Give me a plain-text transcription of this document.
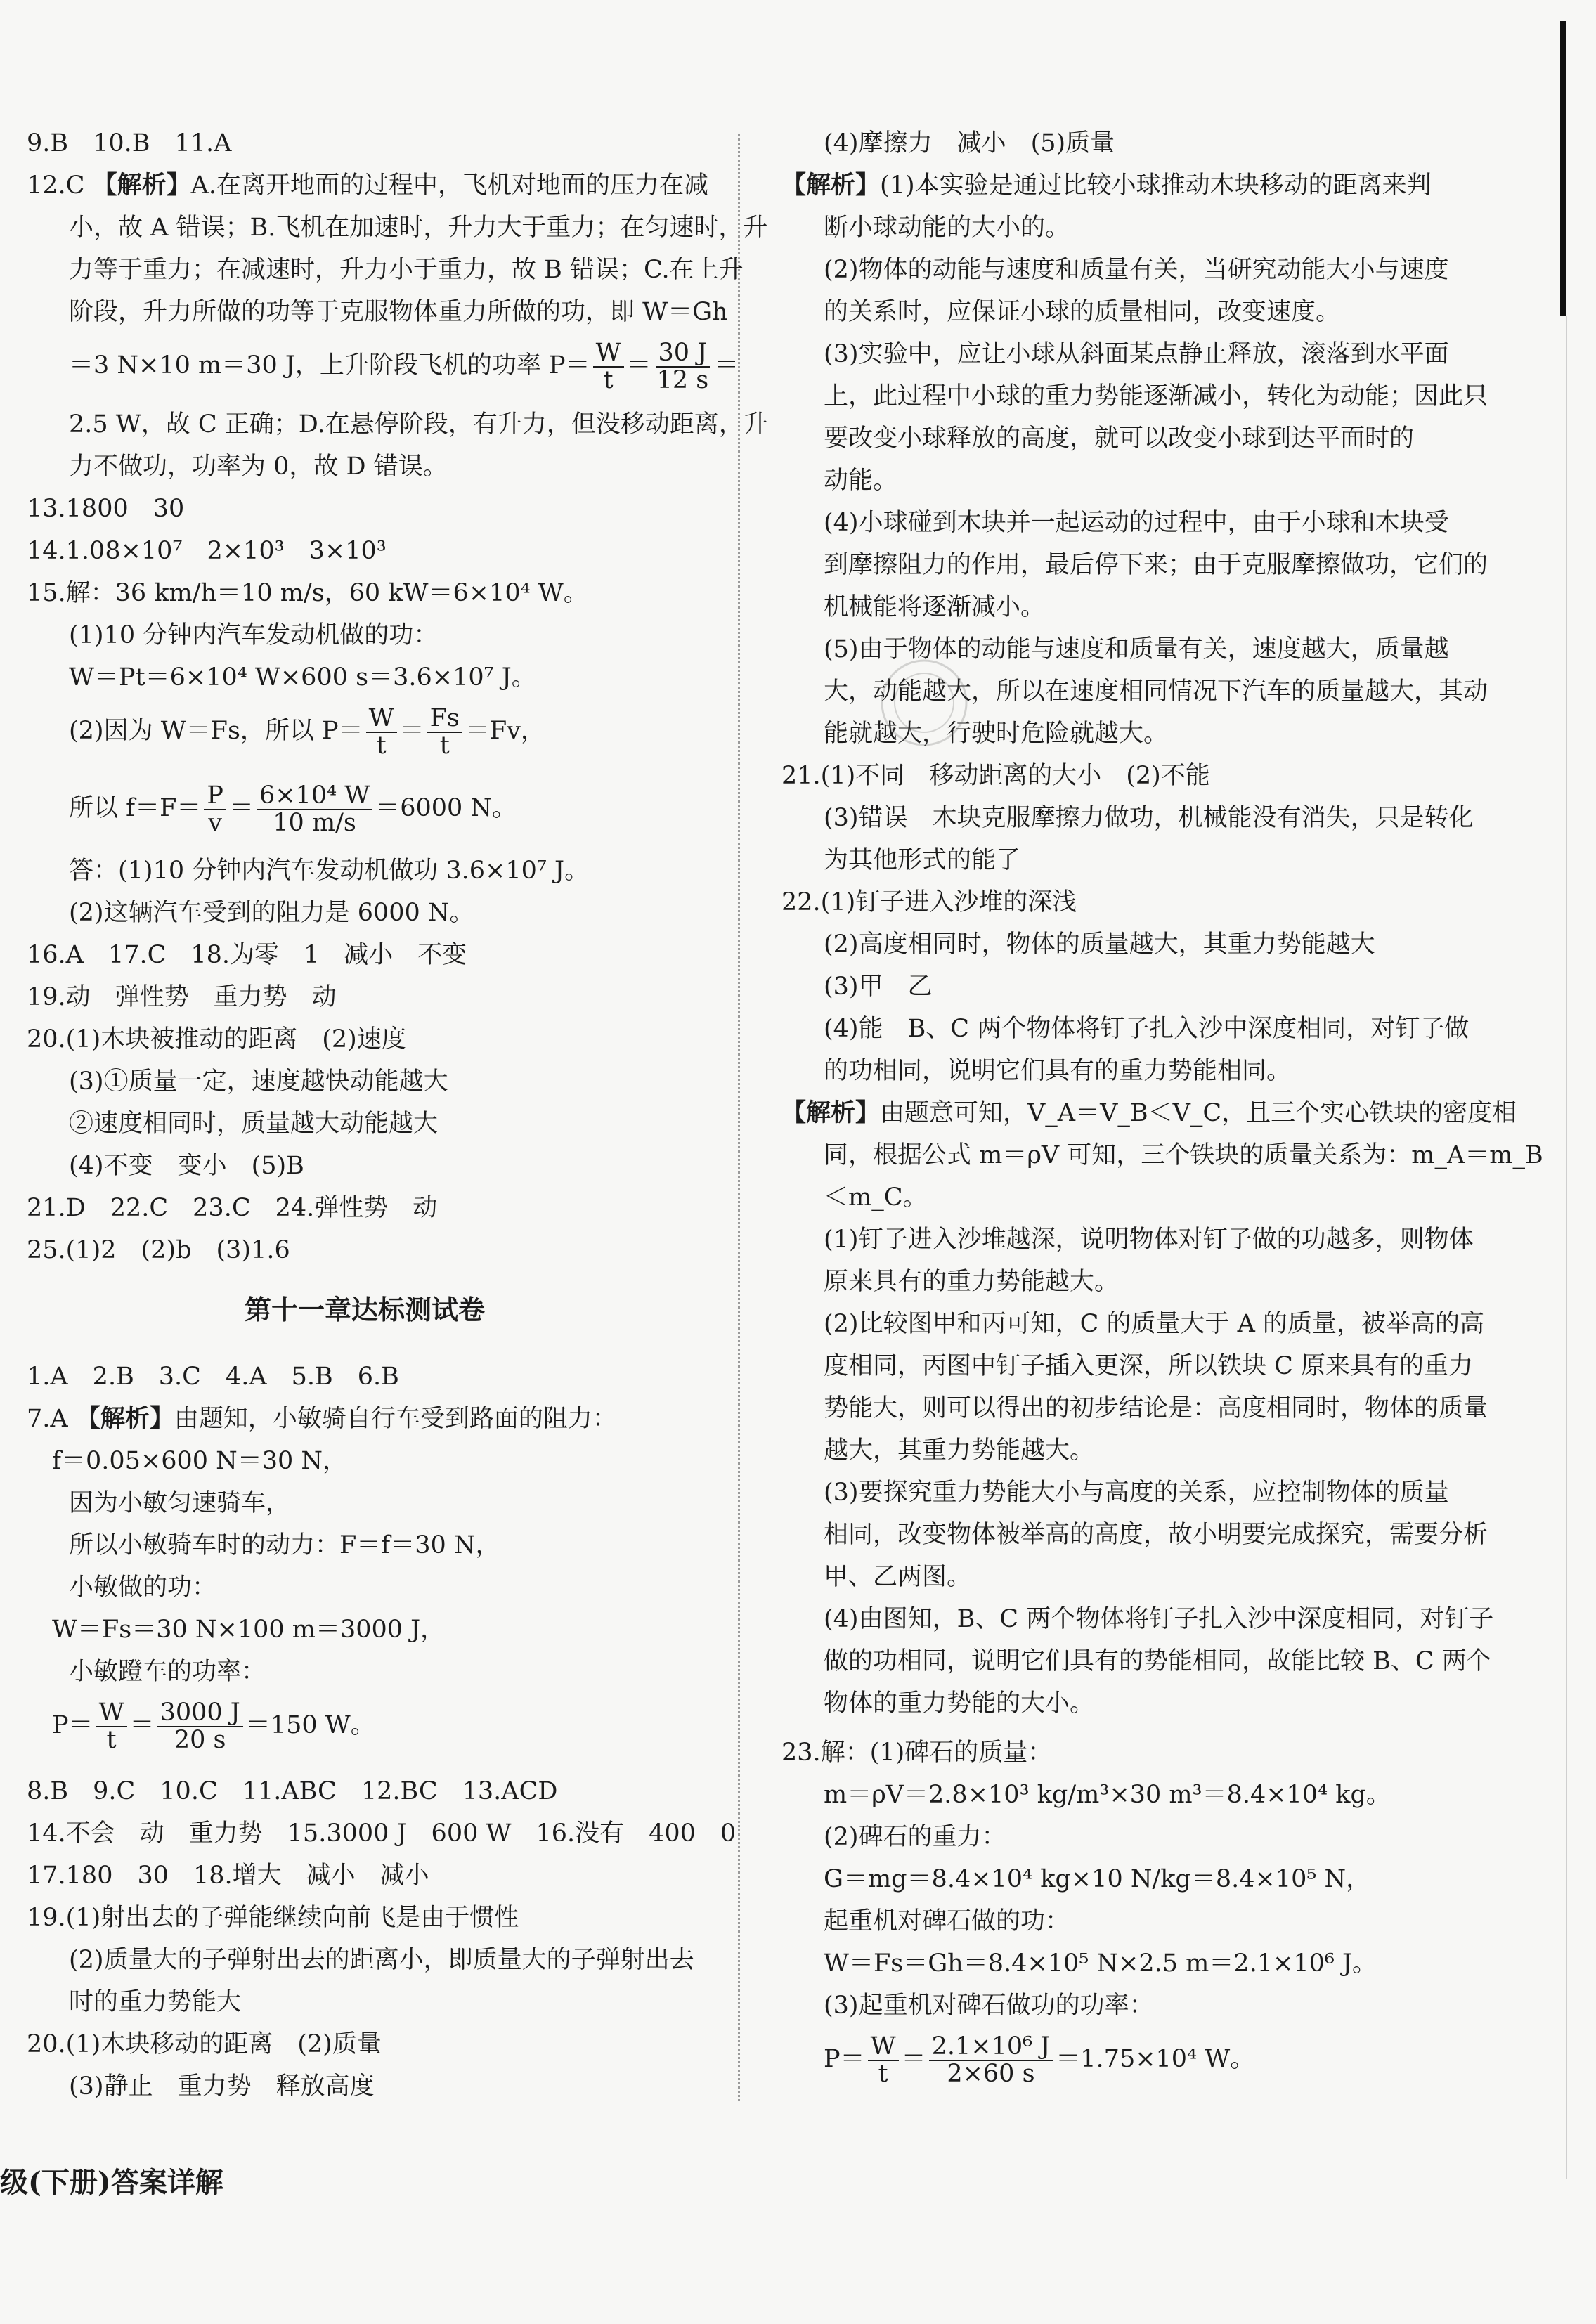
9.B　10.B　11.A
12.C 【解析】A.在离开地面的过程中，飞机对地面的压力在减
小，故 A 错误；B.飞机在加速时，升力大于重力；在匀速时，升
力等于重力；在减速时，升力小于重力，故 B 错误；C.在上升
阶段，升力所做的功等于克服物体重力所做的功，即 W＝Gh
＝3 N×10 m＝30 J，上升阶段飞机的功率 $P= \frac{W}{t} = \frac{30 J}{12 s}$ ＝
2.5 W，故 C 正确；D.在悬停阶段，有升力，但没移动距离，升
力不做功，功率为 0，故 D 错误。
13.1800　30
14.1.08×10⁷　2×10³　3×10³
15.解：36 km/h＝10 m/s，60 kW＝6×10⁴ W。
(1)10 分钟内汽车发动机做的功：
W＝Pt＝6×10⁴ W×600 s＝3.6×10⁷ J。
(2)因为 W＝Fs，所以 $P= \frac{W}{t} = \frac{Fs}{t} =Fv$，
所以 $f=F= \frac{P}{v} = \frac{\text{6×10⁴ W}}{10 m/s} =6000$ N。
答：(1)10 分钟内汽车发动机做功 3.6×10⁷ J。
(2)这辆汽车受到的阻力是 6000 N。
16.A　17.C　18.为零　1　减小　不变
19.动　弹性势　重力势　动
20.(1)木块被推动的距离　(2)速度
(3)①质量一定，速度越快动能越大
②速度相同时，质量越大动能越大
(4)不变　变小　(5)B
21.D　22.C　23.C　24.弹性势　动
25.(1)2　(2)b　(3)1.6
第十一章达标测试卷
1.A　2.B　3.C　4.A　5.B　6.B
7.A 【解析】由题知，小敏骑自行车受到路面的阻力：
f＝0.05×600 N＝30 N，
因为小敏匀速骑车，
所以小敏骑车时的动力：F＝f＝30 N，
小敏做的功：
W＝Fs＝30 N×100 m＝3000 J，
小敏蹬车的功率：
$P= \frac{W}{t} = \frac{3000 J}{20 s} =150$ W。
8.B　9.C　10.C　11.ABC　12.BC　13.ACD
14.不会　动　重力势　15.3000 J　600 W　16.没有　400　0
17.180　30　18.增大　减小　减小
19.(1)射出去的子弹能继续向前飞是由于惯性
(2)质量大的子弹射出去的距离小，即质量大的子弹射出去
时的重力势能大
20.(1)木块移动的距离　(2)质量
(3)静止　重力势　释放高度
(4)摩擦力　减小　(5)质量
【解析】(1)本实验是通过比较小球推动木块移动的距离来判
断小球动能的大小的。
(2)物体的动能与速度和质量有关，当研究动能大小与速度
的关系时，应保证小球的质量相同，改变速度。
(3)实验中，应让小球从斜面某点静止释放，滚落到水平面
上，此过程中小球的重力势能逐渐减小，转化为动能；因此只
要改变小球释放的高度，就可以改变小球到达平面时的
动能。
(4)小球碰到木块并一起运动的过程中，由于小球和木块受
到摩擦阻力的作用，最后停下来；由于克服摩擦做功，它们的
机械能将逐渐减小。
(5)由于物体的动能与速度和质量有关，速度越大，质量越
大，动能越大，所以在速度相同情况下汽车的质量越大，其动
能就越大，行驶时危险就越大。
21.(1)不同　移动距离的大小　(2)不能
(3)错误　木块克服摩擦力做功，机械能没有消失，只是转化
为其他形式的能了
22.(1)钉子进入沙堆的深浅
(2)高度相同时，物体的质量越大，其重力势能越大
(3)甲　乙
(4)能　B、C 两个物体将钉子扎入沙中深度相同，对钉子做
的功相同，说明它们具有的重力势能相同。
【解析】由题意可知，V_A＝V_B＜V_C，且三个实心铁块的密度相
同，根据公式 m＝ρV 可知，三个铁块的质量关系为：m_A＝m_B
＜m_C。
(1)钉子进入沙堆越深，说明物体对钉子做的功越多，则物体
原来具有的重力势能越大。
(2)比较图甲和丙可知，C 的质量大于 A 的质量，被举高的高
度相同，丙图中钉子插入更深，所以铁块 C 原来具有的重力
势能大，则可以得出的初步结论是：高度相同时，物体的质量
越大，其重力势能越大。
(3)要探究重力势能大小与高度的关系，应控制物体的质量
相同，改变物体被举高的高度，故小明要完成探究，需要分析
甲、乙两图。
(4)由图知，B、C 两个物体将钉子扎入沙中深度相同，对钉子
做的功相同，说明它们具有的势能相同，故能比较 B、C 两个
物体的重力势能的大小。
23.解：(1)碑石的质量：
m＝ρV＝2.8×10³ kg/m³×30 m³＝8.4×10⁴ kg。
(2)碑石的重力：
G＝mg＝8.4×10⁴ kg×10 N/kg＝8.4×10⁵ N，
起重机对碑石做的功：
W＝Fs＝Gh＝8.4×10⁵ N×2.5 m＝2.1×10⁶ J。
(3)起重机对碑石做功的功率：
$P= \frac{W}{t} = \frac{\text{2.1×10⁶ J}}{2\times 60 s} =1.75\times 10^4$ W。
级(下册)答案详解
